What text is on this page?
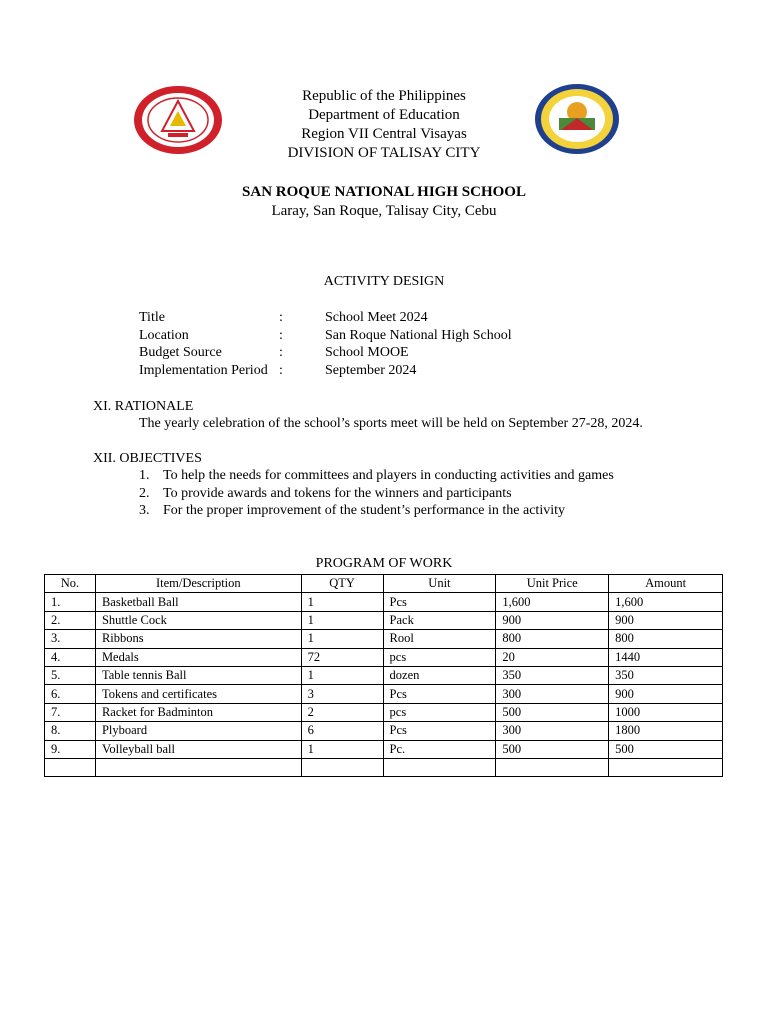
Republic of the Philippines
Department of Education
Region VII Central Visayas
DIVISION OF TALISAY CITY
SAN ROQUE NATIONAL HIGH SCHOOL
Laray, San Roque, Talisay City, Cebu
ACTIVITY DESIGN
Title	:	School Meet 2024
Location	:	San Roque National High School
Budget Source	:	School MOOE
Implementation Period :	September 2024
XI. RATIONALE
The yearly celebration of the school’s sports meet will be held on September 27-28, 2024.
XII. OBJECTIVES
1. To help the needs for committees and players in conducting activities and games
2. To provide awards and tokens for the winners and participants
3. For the proper improvement of the student’s performance in the activity
PROGRAM OF WORK
No.	Item/Description	QTY	Unit	Unit Price	Amount
1.	Basketball Ball	1	Pcs	1,600	1,600
2.	Shuttle Cock	1	Pack	900	900
3.	Ribbons	1	Rool	800	800
4.	Medals	72	pcs	20	1440
5.	Table tennis Ball	1	dozen	350	350
6.	Tokens and certificates	3	Pcs	300	900
7.	Racket for Badminton	2	pcs	500	1000
8.	Plyboard	6	Pcs	300	1800
9.	Volleyball ball	1	Pc.	500	500
